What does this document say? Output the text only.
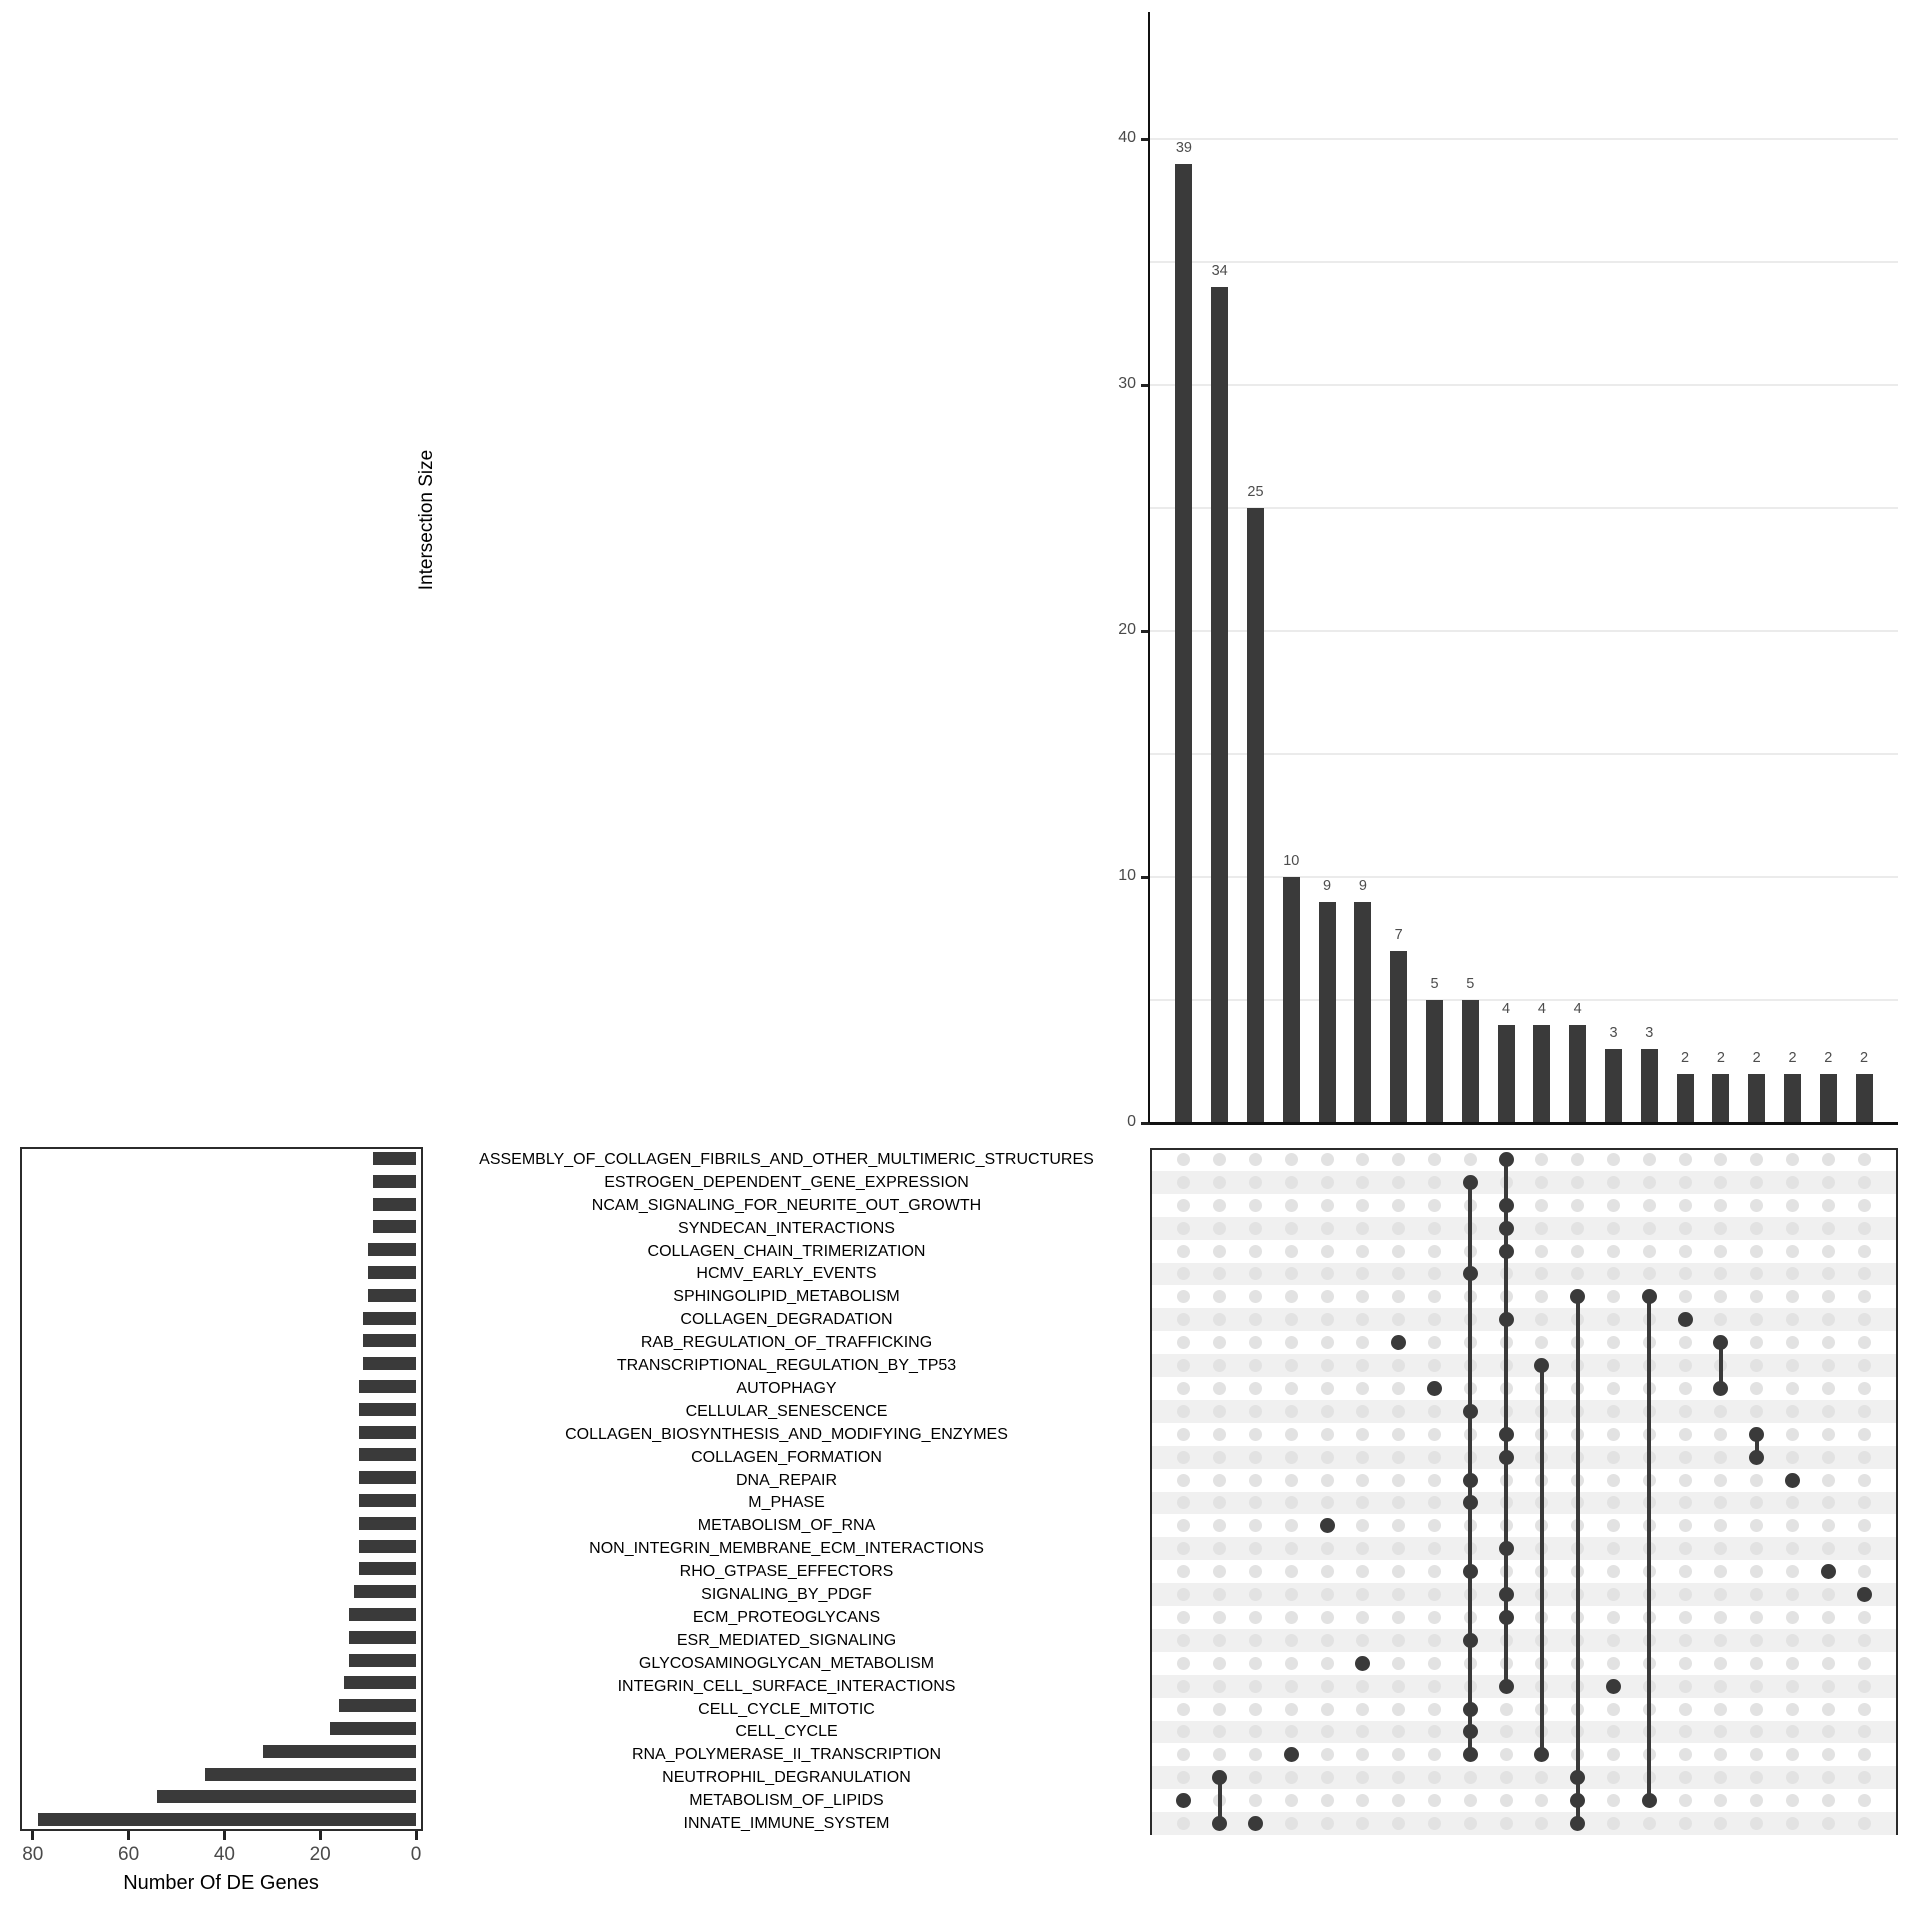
Intersection Size
0
10
20
30
40
39
34
25
10
9	9
7
5	5
4	4	4
3	3
2	2	2	2	2	2
80	60	40	20	0
Number Of DE Genes
ASSEMBLY_OF_COLLAGEN_FIBRILS_AND_OTHER_MULTIMERIC_STRUCTURES
ESTROGEN_DEPENDENT_GENE_EXPRESSION
NCAM_SIGNALING_FOR_NEURITE_OUT_GROWTH
SYNDECAN_INTERACTIONS
COLLAGEN_CHAIN_TRIMERIZATION
HCMV_EARLY_EVENTS
SPHINGOLIPID_METABOLISM
COLLAGEN_DEGRADATION
RAB_REGULATION_OF_TRAFFICKING
TRANSCRIPTIONAL_REGULATION_BY_TP53
AUTOPHAGY
CELLULAR_SENESCENCE
COLLAGEN_BIOSYNTHESIS_AND_MODIFYING_ENZYMES
COLLAGEN_FORMATION
DNA_REPAIR
M_PHASE
METABOLISM_OF_RNA
NON_INTEGRIN_MEMBRANE_ECM_INTERACTIONS
RHO_GTPASE_EFFECTORS
SIGNALING_BY_PDGF
ECM_PROTEOGLYCANS
ESR_MEDIATED_SIGNALING
GLYCOSAMINOGLYCAN_METABOLISM
INTEGRIN_CELL_SURFACE_INTERACTIONS
CELL_CYCLE_MITOTIC
CELL_CYCLE
RNA_POLYMERASE_II_TRANSCRIPTION
NEUTROPHIL_DEGRANULATION
METABOLISM_OF_LIPIDS
INNATE_IMMUNE_SYSTEM
